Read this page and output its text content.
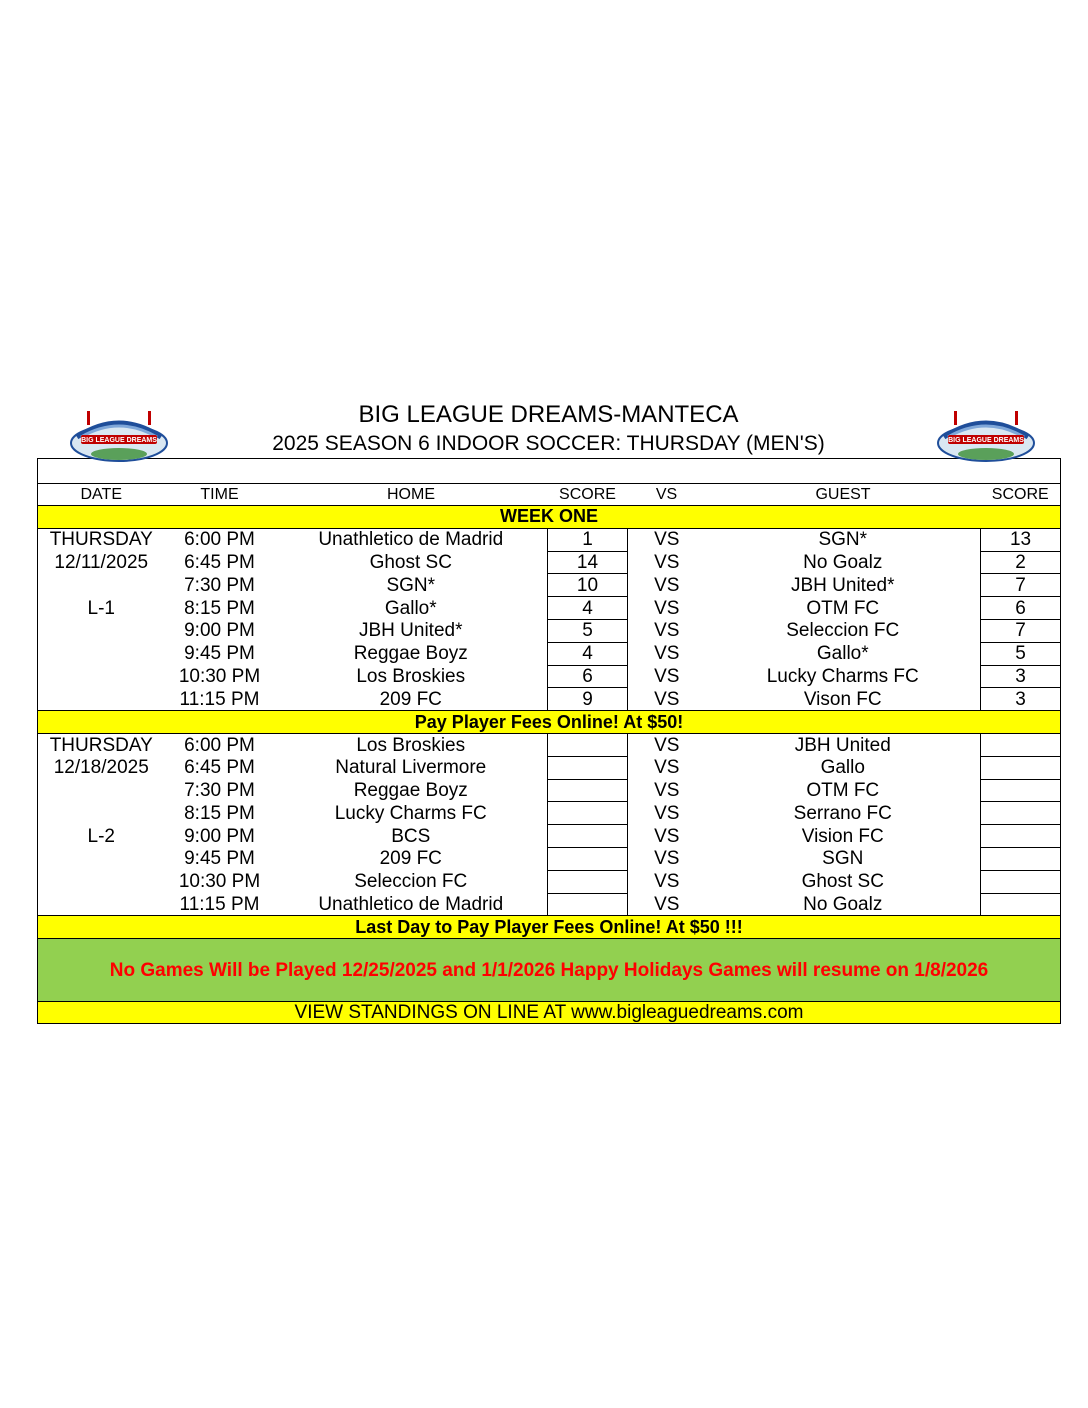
BIG LEAGUE DREAMS	BIG LEAGUE DREAMS
BIG LEAGUE DREAMS-MANTECA
2025 SEASON 6 INDOOR SOCCER: THURSDAY (MEN'S)

DATE	TIME	HOME	SCORE	VS	GUEST	SCORE
WEEK ONE						
THURSDAY	6:00 PM	Unathletico de Madrid	1	VS	SGN*	13
12/11/2025	6:45 PM	Ghost SC	14	VS	No Goalz	2
	7:30 PM	SGN*	10	VS	JBH United*	7
L-1	8:15 PM	Gallo*	4	VS	OTM FC	6
	9:00 PM	JBH United*	5	VS	Seleccion FC	7
	9:45 PM	Reggae Boyz	4	VS	Gallo*	5
	10:30 PM	Los Broskies	6	VS	Lucky Charms FC	3
	11:15 PM	209 FC	9	VS	Vison FC	3
Pay Player Fees Online! At $50!						
THURSDAY	6:00 PM	Los Broskies		VS	JBH United	
12/18/2025	6:45 PM	Natural Livermore		VS	Gallo	
	7:30 PM	Reggae Boyz		VS	OTM FC	
	8:15 PM	Lucky Charms FC		VS	Serrano FC	
L-2	9:00 PM	BCS		VS	Vision FC	
	9:45 PM	209 FC		VS	SGN	
	10:30 PM	Seleccion FC		VS	Ghost SC	
	11:15 PM	Unathletico de Madrid		VS	No Goalz	
Last Day to Pay Player Fees Online! At $50 !!!						
No Games Will be Played 12/25/2025 and 1/1/2026 Happy Holidays Games will resume on 1/8/2026						
VIEW STANDINGS ON LINE AT www.bigleaguedreams.com						
